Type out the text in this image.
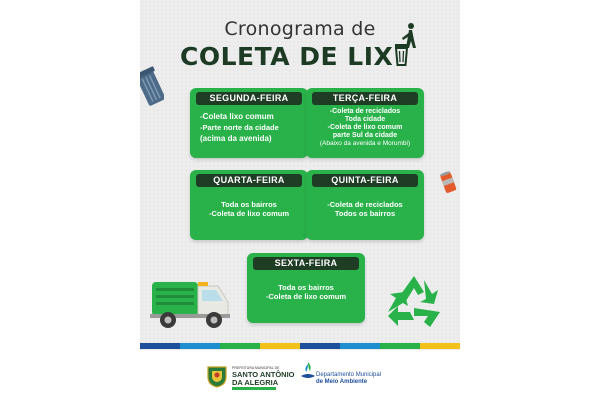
Cronograma de
COLETA DE LIX
SEGUNDA-FEIRA
-Coleta lixo comum
-Parte norte da cidade
(acima da avenida)
TERÇA-FEIRA
-Coleta de reciclados
Toda cidade
-Coleta de lixo comum
parte Sul da cidade
(Abaixo da avenida e Morumbi)
QUARTA-FEIRA
Toda os bairros
-Coleta de lixo comum
QUINTA-FEIRA
-Coleta de reciclados
Todos os bairros
SEXTA-FEIRA
Toda os bairros
-Coleta de lixo comum
PREFEITURA MUNICIPAL DE
SANTO ANTÔNIO
DA ALEGRIA
Departamento Municipal
de Meio Ambiente
